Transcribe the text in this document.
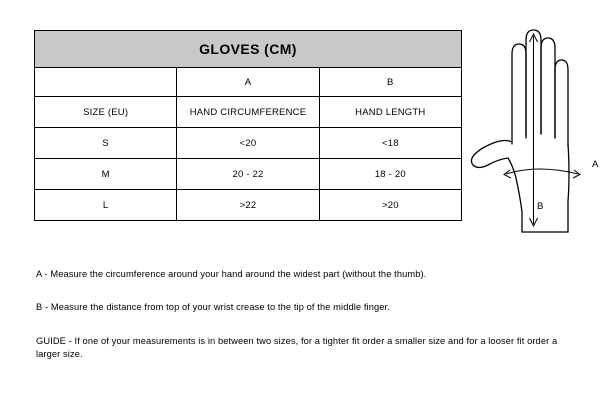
GLOVES (CM)		
	A	B
SIZE (EU)	HAND CIRCUMFERENCE	HAND LENGTH
S	<20	<18
M	20 - 22	18 - 20
L	>22	>20
A
B
A - Measure the circumference around your hand around the widest part (without the thumb).
B - Measure the distance from top of your wrist crease to the tip of the middle finger.
GUIDE - If one of your measurements is in between two sizes, for a tighter fit order a smaller size and for a looser fit order a larger size.
